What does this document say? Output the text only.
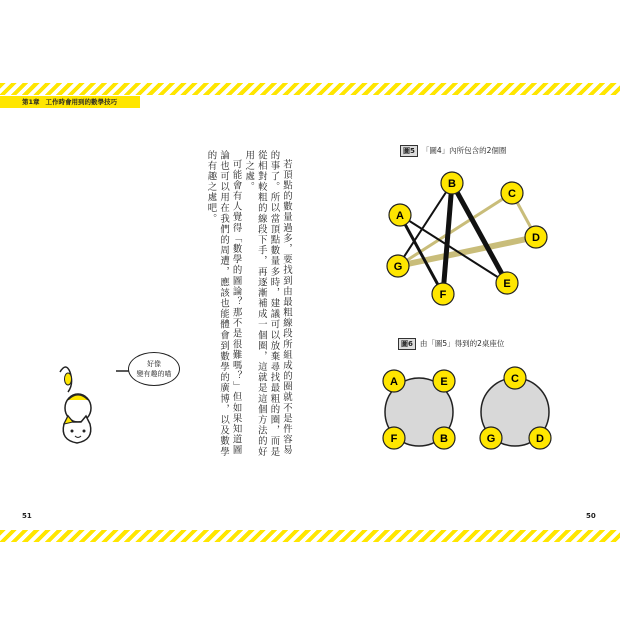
第1章 工作時會用到的數學技巧

若頂點的數量過多，要找到由最粗線段所組成的圈就不是件容易的事了。所以當頂點數量多時，建議可以放棄尋找最粗的圈，而是從相對較粗的線段下手，再逐漸補成一個圈，這就是這個方法的好用之處。

可能會有人覺得「數學的圖論？那不是很難嗎？」但如果知道圖論也可以用在我們的周遭，應該也能體會到數學的廣博，以及數學的有趣之處吧。	圖5 「圖4」內所包含的2個圈
圖6 由「圖5」得到的2桌座位
A
B
C
D
E
F
G
A	E
F	B
C
G	D
好像
變有趣的喵
51	50
